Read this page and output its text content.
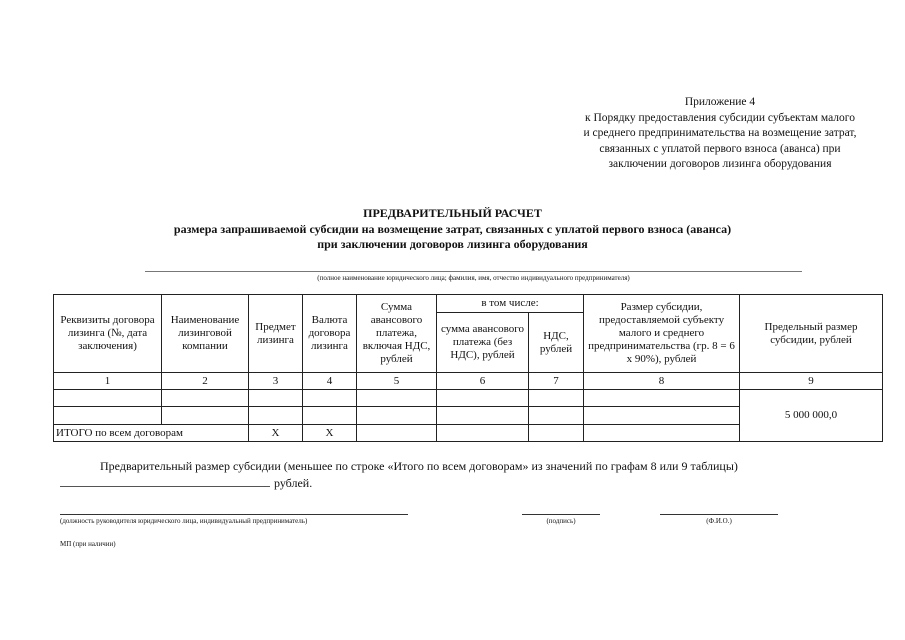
Приложение 4
к Порядку предоставления субсидии субъектам малого
и среднего предпринимательства на возмещение затрат,
связанных с уплатой первого взноса (аванса) при
заключении договоров лизинга оборудования
ПРЕДВАРИТЕЛЬНЫЙ РАСЧЕТ
размера запрашиваемой субсидии на возмещение затрат, связанных с уплатой первого взноса (аванса)
при заключении договоров лизинга оборудования
(полное наименование юридического лица; фамилия, имя, отчество индивидуального предпринимателя)
Реквизиты договора лизинга (№, дата заключения)	Наименование лизинговой компании	Предмет лизинга	Валюта договора лизинга	Сумма авансового платежа, включая НДС, рублей	в том числе:		Размер субсидии, предоставляемой субъекту малого и среднего предпринимательства (гр. 8 = 6 х 90%), рублей	Предельный размер субсидии, рублей
					сумма авансового платежа (без НДС), рублей	НДС, рублей		
1	2	3	4	5	6	7	8	9
								5 000 000,0

ИТОГО по всем договорам		Х	Х					
Предварительный размер субсидии (меньшее по строке «Итого по всем договорам» из значений по графам 8 или 9 таблицы)
рублей.
(должность руководителя юридического лица, индивидуальный предприниматель)	(подпись)	(Ф.И.О.)
МП (при наличии)
